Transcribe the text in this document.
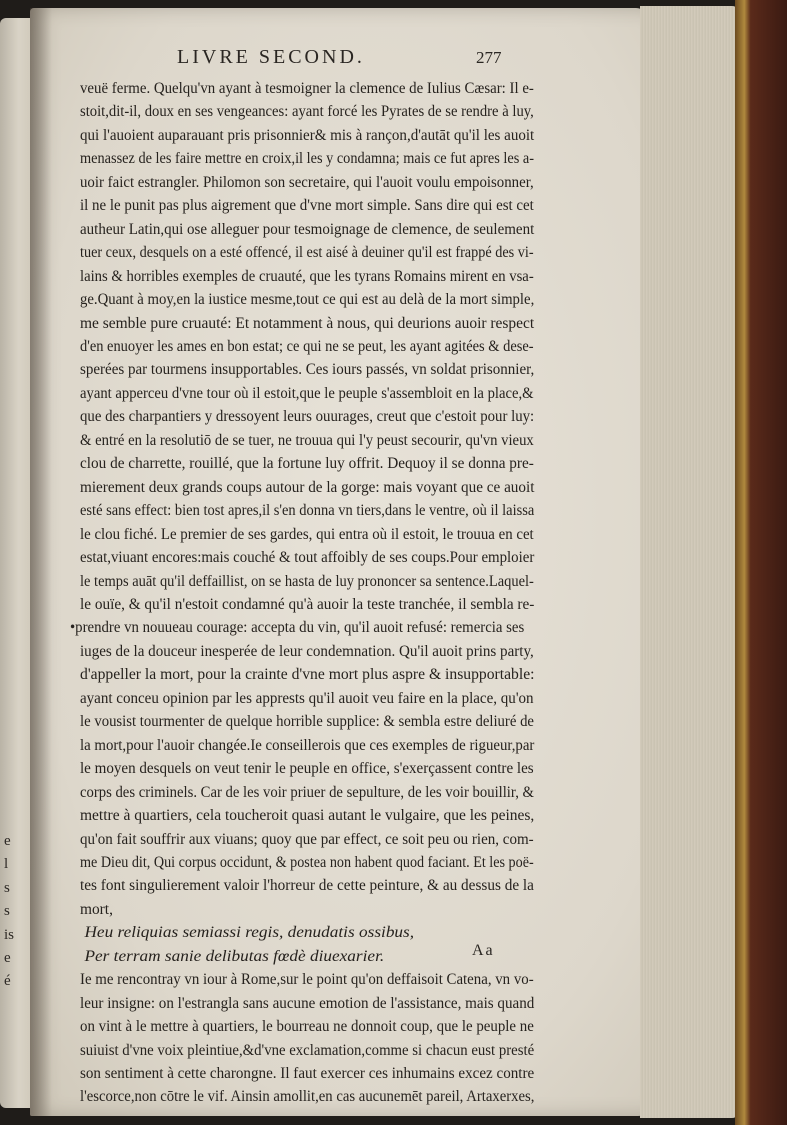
e
l
s
s
is
e
é
LIVRE SECOND.	277
veuë ferme. Quelqu'vn ayant à tesmoigner la clemence de Iulius Cæsar: Il e-
stoit,dit-il, doux en ses vengeances: ayant forcé les Pyrates de se rendre à luy,
qui l'auoient auparauant pris prisonnier& mis à rançon,d'autāt qu'il les auoit
menassez de les faire mettre en croix,il les y condamna; mais ce fut apres les a-
uoir faict estrangler. Philomon son secretaire, qui l'auoit voulu empoisonner,
il ne le punit pas plus aigrement que d'vne mort simple. Sans dire qui est cet
autheur Latin,qui ose alleguer pour tesmoignage de clemence, de seulement
tuer ceux, desquels on a esté offencé, il est aisé à deuiner qu'il est frappé des vi-
lains & horribles exemples de cruauté, que les tyrans Romains mirent en vsa-
ge.Quant à moy,en la iustice mesme,tout ce qui est au delà de la mort simple,
me semble pure cruauté: Et notamment à nous, qui deurions auoir respect
d'en enuoyer les ames en bon estat; ce qui ne se peut, les ayant agitées & dese-
sperées par tourmens insupportables. Ces iours passés, vn soldat prisonnier,
ayant apperceu d'vne tour où il estoit,que le peuple s'assembloit en la place,&
que des charpantiers y dressoyent leurs ouurages, creut que c'estoit pour luy:
& entré en la resolutiō de se tuer, ne trouua qui l'y peust secourir, qu'vn vieux
clou de charrette, rouillé, que la fortune luy offrit. Dequoy il se donna pre-
mierement deux grands coups autour de la gorge: mais voyant que ce auoit
esté sans effect: bien tost apres,il s'en donna vn tiers,dans le ventre, où il laissa
le clou fiché. Le premier de ses gardes, qui entra où il estoit, le trouua en cet
estat,viuant encores:mais couché & tout affoibly de ses coups.Pour emploier
le temps auāt qu'il deffaillist, on se hasta de luy prononcer sa sentence.Laquel-
le ouïe, & qu'il n'estoit condamné qu'à auoir la teste tranchée, il sembla re-
•prendre vn nouueau courage: accepta du vin, qu'il auoit refusé: remercia ses
iuges de la douceur inesperée de leur condemnation. Qu'il auoit prins party,
d'appeller la mort, pour la crainte d'vne mort plus aspre & insupportable:
ayant conceu opinion par les apprests qu'il auoit veu faire en la place, qu'on
le vousist tourmenter de quelque horrible supplice: & sembla estre deliuré de
la mort,pour l'auoir changée.Ie conseillerois que ces exemples de rigueur,par
le moyen desquels on veut tenir le peuple en office, s'exerçassent contre les
corps des criminels. Car de les voir priuer de sepulture, de les voir bouillir, &
mettre à quartiers, cela toucheroit quasi autant le vulgaire, que les peines,
qu'on fait souffrir aux viuans; quoy que par effect, ce soit peu ou rien, com-
me Dieu dit, Qui corpus occidunt, & postea non habent quod faciant. Et les poë-
tes font singulierement valoir l'horreur de cette peinture, & au dessus de la
mort,
Heu reliquias semiassi regis, denudatis ossibus,
Per terram sanie delibutas fœdè diuexarier.
Ie me rencontray vn iour à Rome,sur le point qu'on deffaisoit Catena, vn vo-
leur insigne: on l'estrangla sans aucune emotion de l'assistance, mais quand
on vint à le mettre à quartiers, le bourreau ne donnoit coup, que le peuple ne
suiuist d'vne voix pleintiue,&d'vne exclamation,comme si chacun eust presté
son sentiment à cette charongne. Il faut exercer ces inhumains excez contre
l'escorce,non cōtre le vif. Ainsin amollit,en cas aucunemēt pareil, Artaxerxes,
Aa
